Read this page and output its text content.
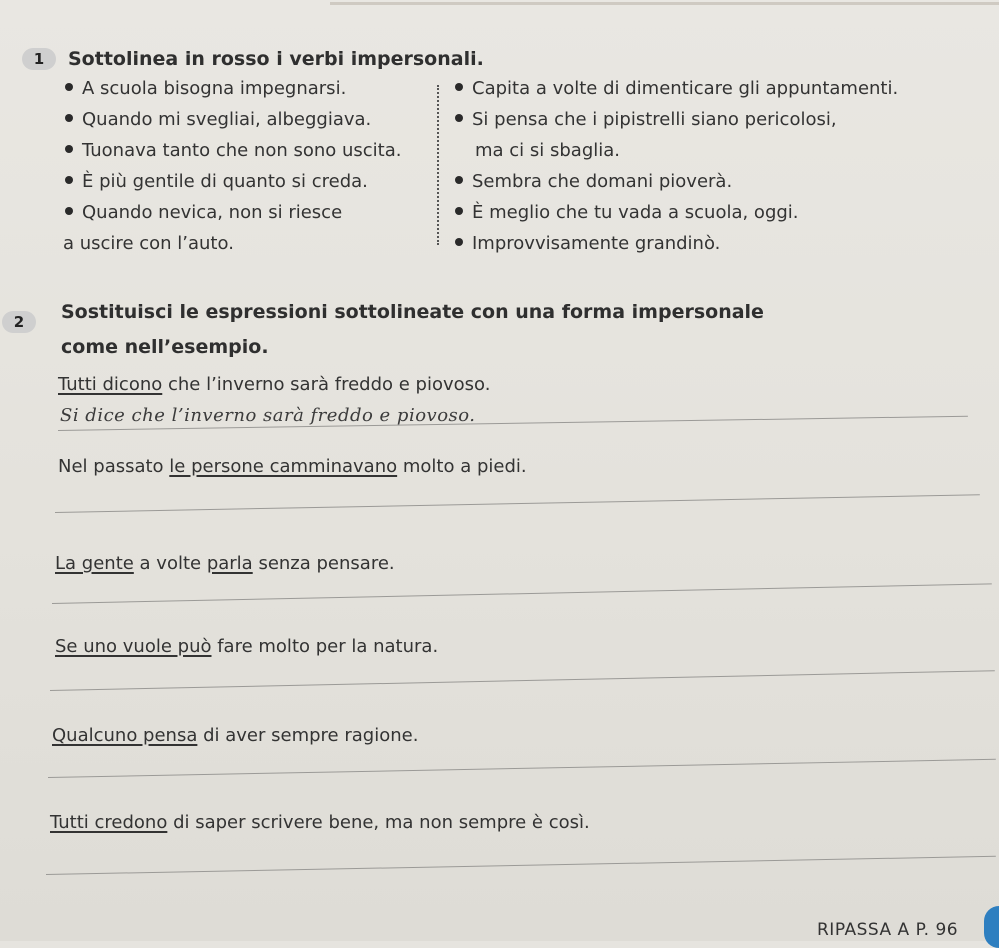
1	Sottolinea in rosso i verbi impersonali.
A scuola bisogna impegnarsi.
Quando mi svegliai, albeggiava.
Tuonava tanto che non sono uscita.
È più gentile di quanto si creda.
Quando nevica, non si riesce
a uscire con l’auto.
Capita a volte di dimenticare gli appuntamenti.
Si pensa che i pipistrelli siano pericolosi,
ma ci si sbaglia.
Sembra che domani pioverà.
È meglio che tu vada a scuola, oggi.
Improvvisamente grandinò.
2	Sostituisci le espressioni sottolineate con una forma impersonale
come nell’esempio.
Tutti dicono che l’inverno sarà freddo e piovoso.
Si dice che l’inverno sarà freddo e piovoso.
Nel passato le persone camminavano molto a piedi.
La gente a volte parla senza pensare.
Se uno vuole può fare molto per la natura.
Qualcuno pensa di aver sempre ragione.
Tutti credono di saper scrivere bene, ma non sempre è così.
RIPASSA A P. 96
